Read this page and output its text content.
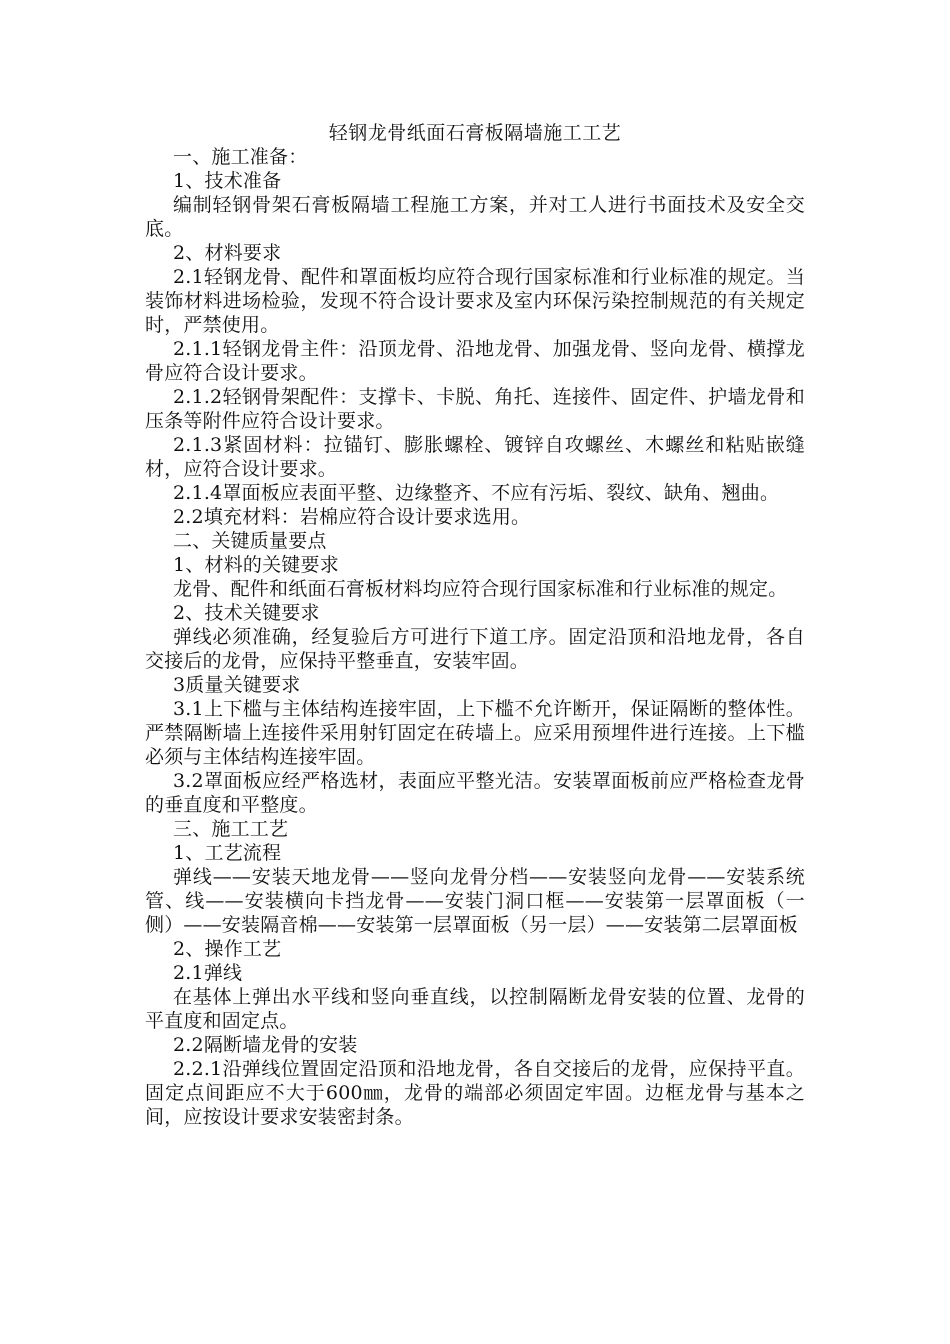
轻钢龙骨纸面石膏板隔墙施工工艺

一、施工准备：

1、技术准备

编制轻钢骨架石膏板隔墙工程施工方案，并对工人进行书面技术及安全交底。

2、材料要求

2.1轻钢龙骨、配件和罩面板均应符合现行国家标准和行业标准的规定。当装饰材料进场检验，发现不符合设计要求及室内环保污染控制规范的有关规定时，严禁使用。

2.1.1轻钢龙骨主件：沿顶龙骨、沿地龙骨、加强龙骨、竖向龙骨、横撑龙骨应符合设计要求。

2.1.2轻钢骨架配件：支撑卡、卡脱、角托、连接件、固定件、护墙龙骨和压条等附件应符合设计要求。

2.1.3紧固材料：拉锚钉、膨胀螺栓、镀锌自攻螺丝、木螺丝和粘贴嵌缝材，应符合设计要求。

2.1.4罩面板应表面平整、边缘整齐、不应有污垢、裂纹、缺角、翘曲。

2.2填充材料：岩棉应符合设计要求选用。

二、关键质量要点

1、材料的关键要求

龙骨、配件和纸面石膏板材料均应符合现行国家标准和行业标准的规定。

2、技术关键要求

弹线必须准确，经复验后方可进行下道工序。固定沿顶和沿地龙骨，各自交接后的龙骨，应保持平整垂直，安装牢固。

3质量关键要求

3.1上下槛与主体结构连接牢固，上下槛不允许断开，保证隔断的整体性。严禁隔断墙上连接件采用射钉固定在砖墙上。应采用预埋件进行连接。上下槛必须与主体结构连接牢固。

3.2罩面板应经严格选材，表面应平整光洁。安装罩面板前应严格检查龙骨的垂直度和平整度。

三、施工工艺

1、工艺流程

弹线——安装天地龙骨——竖向龙骨分档——安装竖向龙骨——安装系统管、线——安装横向卡挡龙骨——安装门洞口框——安装第一层罩面板（一侧）——安装隔音棉——安装第一层罩面板（另一层）——安装第二层罩面板

2、操作工艺

2.1弹线

在基体上弹出水平线和竖向垂直线，以控制隔断龙骨安装的位置、龙骨的平直度和固定点。

2.2隔断墙龙骨的安装

2.2.1沿弹线位置固定沿顶和沿地龙骨，各自交接后的龙骨，应保持平直。固定点间距应不大于600㎜，龙骨的端部必须固定牢固。边框龙骨与基本之间，应按设计要求安装密封条。
